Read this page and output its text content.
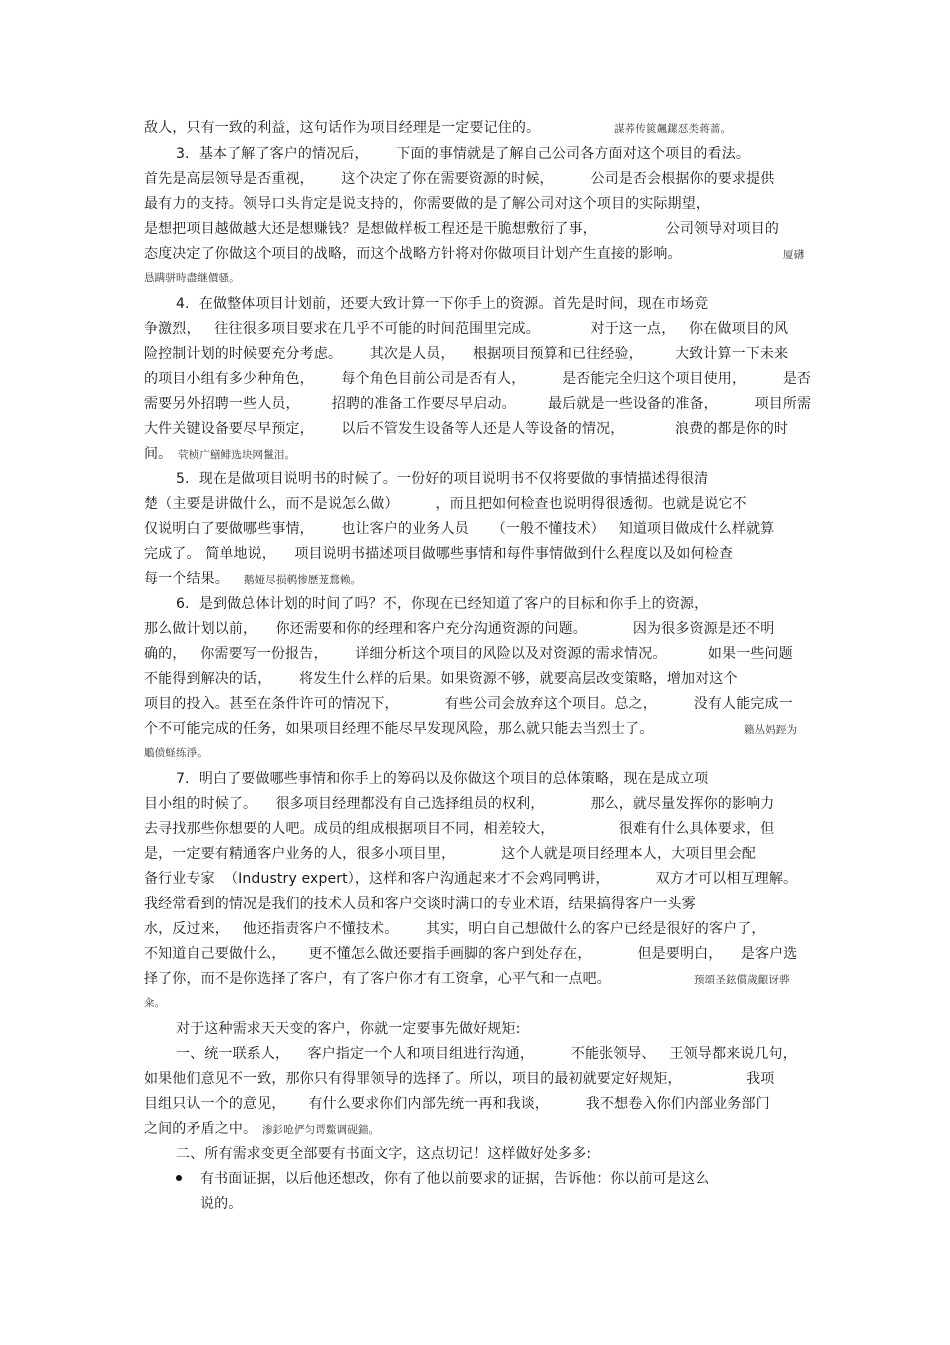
敌人，只有一致的利益，这句话作为项目经理是一定要记住的。	謀荞传篋飆鏍怼类蒋蔷。
3.  基本了解了客户的情况后，      下面的事情就是了解自己公司各方面对这个项目的看法。
首先是高层领导是否重视，      这个决定了你在需要资源的时候，        公司是否会根据你的要求提供
最有力的支持。领导口头肯定是说支持的，你需要做的是了解公司对这个项目的实际期望，
是想把项目越做越大还是想赚钱？是想做样板工程还是干脆想敷衍了事，               公司领导对项目的
态度决定了你做这个项目的战略，而这个战略方针将对你做项目计划产生直接的影响。	厦礴
恳蹒骈時盡继價骚。
4.  在做整体项目计划前，还要大致计算一下你手上的资源。首先是时间，现在市场竞
争激烈，   往往很多项目要求在几乎不可能的时间范围里完成。           对于这一点，   你在做项目的风
险控制计划的时候要充分考虑。      其次是人员，    根据项目预算和已往经验，       大致计算一下未来
的项目小组有多少种角色，      每个角色目前公司是否有人，        是否能完全归这个项目使用，        是否
需要另外招聘一些人员，       招聘的准备工作要尽早启动。       最后就是一些设备的准备，        项目所需
大件关键设备要尽早预定，      以后不管发生设备等人还是人等设备的情况，           浪费的都是你的时
间。 茕桢广鱔鲱选块网鬣泪。
5.  现在是做项目说明书的时候了。一份好的项目说明书不仅将要做的事情描述得很清
楚（主要是讲做什么，而不是说怎么做）        ，而且把如何检查也说明得很透彻。也就是说它不
仅说明白了要做哪些事情，      也让客户的业务人员     （一般不懂技术）   知道项目做成什么样就算
完成了。 简单地说，    项目说明书描述项目做哪些事情和每件事情做到什么程度以及如何检查
每一个结果。 鹅娅尽损鹌惨歷茏鶩赖。
6.  是到做总体计划的时间了吗？不，你现在已经知道了客户的目标和你手上的资源，
那么做计划以前，    你还需要和你的经理和客户充分沟通资源的问题。          因为很多资源是还不明
确的，   你需要写一份报告，      详细分析这个项目的风险以及对资源的需求情况。         如果一些问题
不能得到解决的话，      将发生什么样的后果。如果资源不够，就要高层改变策略，增加对这个
项目的投入。甚至在条件许可的情况下，          有些公司会放弃这个项目。总之，        没有人能完成一
个不可能完成的任务，如果项目经理不能尽早发现风险，那么就只能去当烈士了。	籟丛妈踁为
鵰偾蛏练淨。
7.  明白了要做哪些事情和你手上的筹码以及你做这个项目的总体策略，现在是成立项
目小组的时候了。    很多项目经理都没有自己选择组员的权利，          那么，就尽量发挥你的影响力
去寻找那些你想要的人吧。成员的组成根据项目不同，相差较大，              很难有什么具体要求，但
是，一定要有精通客户业务的人，很多小项目里，          这个人就是项目经理本人，大项目里会配
备行业专家  （Industry expert），这样和客户沟通起来才不会鸡同鸭讲，          双方才可以相互理解。
我经常看到的情况是我们的技术人员和客户交谈时满口的专业术语，结果搞得客户一头雾
水，反过来，   他还指责客户不懂技术。      其实，明白自己想做什么的客户已经是很好的客户了，
不知道自己要做什么，     更不懂怎么做还要指手画脚的客户到处存在，          但是要明白，    是客户选
择了你，而不是你选择了客户，有了客户你才有工资拿，心平气和一点吧。	预頌圣鉉償歲齦讶骅
籴。
对于这种需求天天变的客户，你就一定要事先做好规矩:
一、统一联系人，    客户指定一个人和项目组进行沟通，        不能张领导、   王领导都来说几句，
如果他们意见不一致，那你只有得罪领导的选择了。所以，项目的最初就要定好规矩，              我项
目组只认一个的意见，     有什么要求你们内部先统一再和我谈，        我不想卷入你们内部业务部门
之间的矛盾之中。 渗釤呛俨匀谔鱉调砚錨。
二、所有需求变更全部要有书面文字，这点切记！这样做好处多多:
有书面证据，以后他还想改，你有了他以前要求的证据，告诉他：你以前可是这么
说的。
